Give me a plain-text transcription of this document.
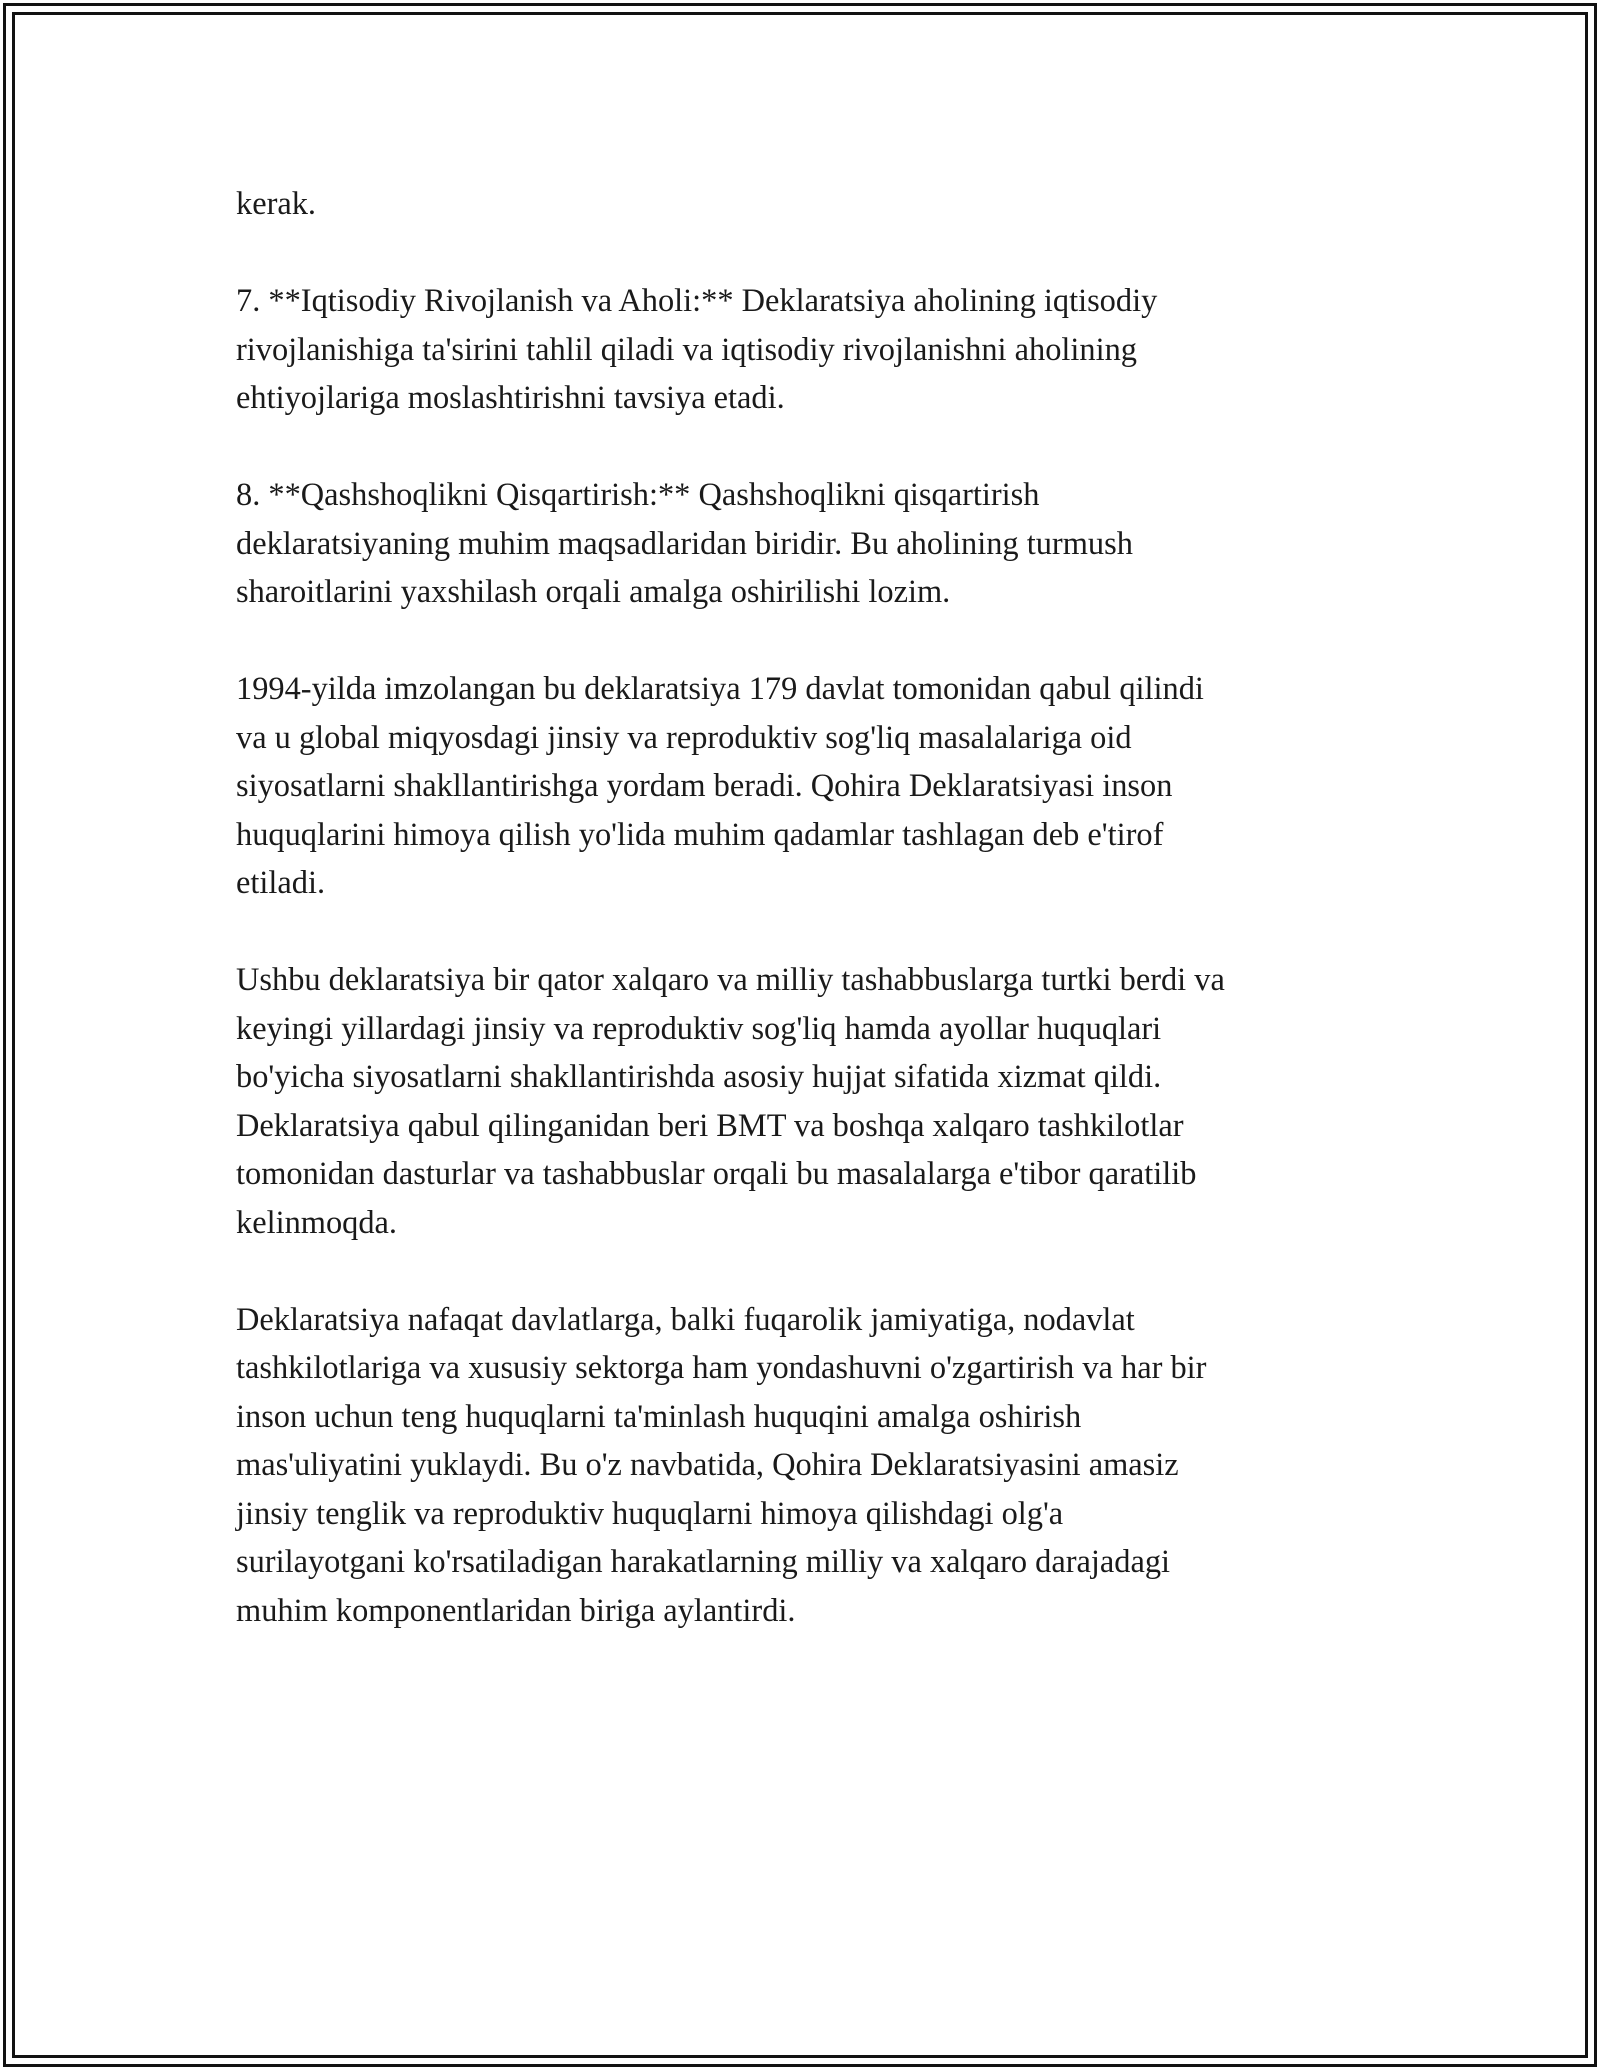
kerak.

7. **Iqtisodiy Rivojlanish va Aholi:** Deklaratsiya aholining iqtisodiy
rivojlanishiga ta'sirini tahlil qiladi va iqtisodiy rivojlanishni aholining
ehtiyojlariga moslashtirishni tavsiya etadi.

8. **Qashshoqlikni Qisqartirish:** Qashshoqlikni qisqartirish
deklaratsiyaning muhim maqsadlaridan biridir. Bu aholining turmush
sharoitlarini yaxshilash orqali amalga oshirilishi lozim.

1994-yilda imzolangan bu deklaratsiya 179 davlat tomonidan qabul qilindi
va u global miqyosdagi jinsiy va reproduktiv sog'liq masalalariga oid
siyosatlarni shakllantirishga yordam beradi. Qohira Deklaratsiyasi inson
huquqlarini himoya qilish yo'lida muhim qadamlar tashlagan deb e'tirof
etiladi.

Ushbu deklaratsiya bir qator xalqaro va milliy tashabbuslarga turtki berdi va
keyingi yillardagi jinsiy va reproduktiv sog'liq hamda ayollar huquqlari
bo'yicha siyosatlarni shakllantirishda asosiy hujjat sifatida xizmat qildi.
Deklaratsiya qabul qilinganidan beri BMT va boshqa xalqaro tashkilotlar
tomonidan dasturlar va tashabbuslar orqali bu masalalarga e'tibor qaratilib
kelinmoqda.

Deklaratsiya nafaqat davlatlarga, balki fuqarolik jamiyatiga, nodavlat
tashkilotlariga va xususiy sektorga ham yondashuvni o'zgartirish va har bir
inson uchun teng huquqlarni ta'minlash huquqini amalga oshirish
mas'uliyatini yuklaydi. Bu o'z navbatida, Qohira Deklaratsiyasini amasiz
jinsiy tenglik va reproduktiv huquqlarni himoya qilishdagi olg'a
surilayotgani ko'rsatiladigan harakatlarning milliy va xalqaro darajadagi
muhim komponentlaridan biriga aylantirdi.
